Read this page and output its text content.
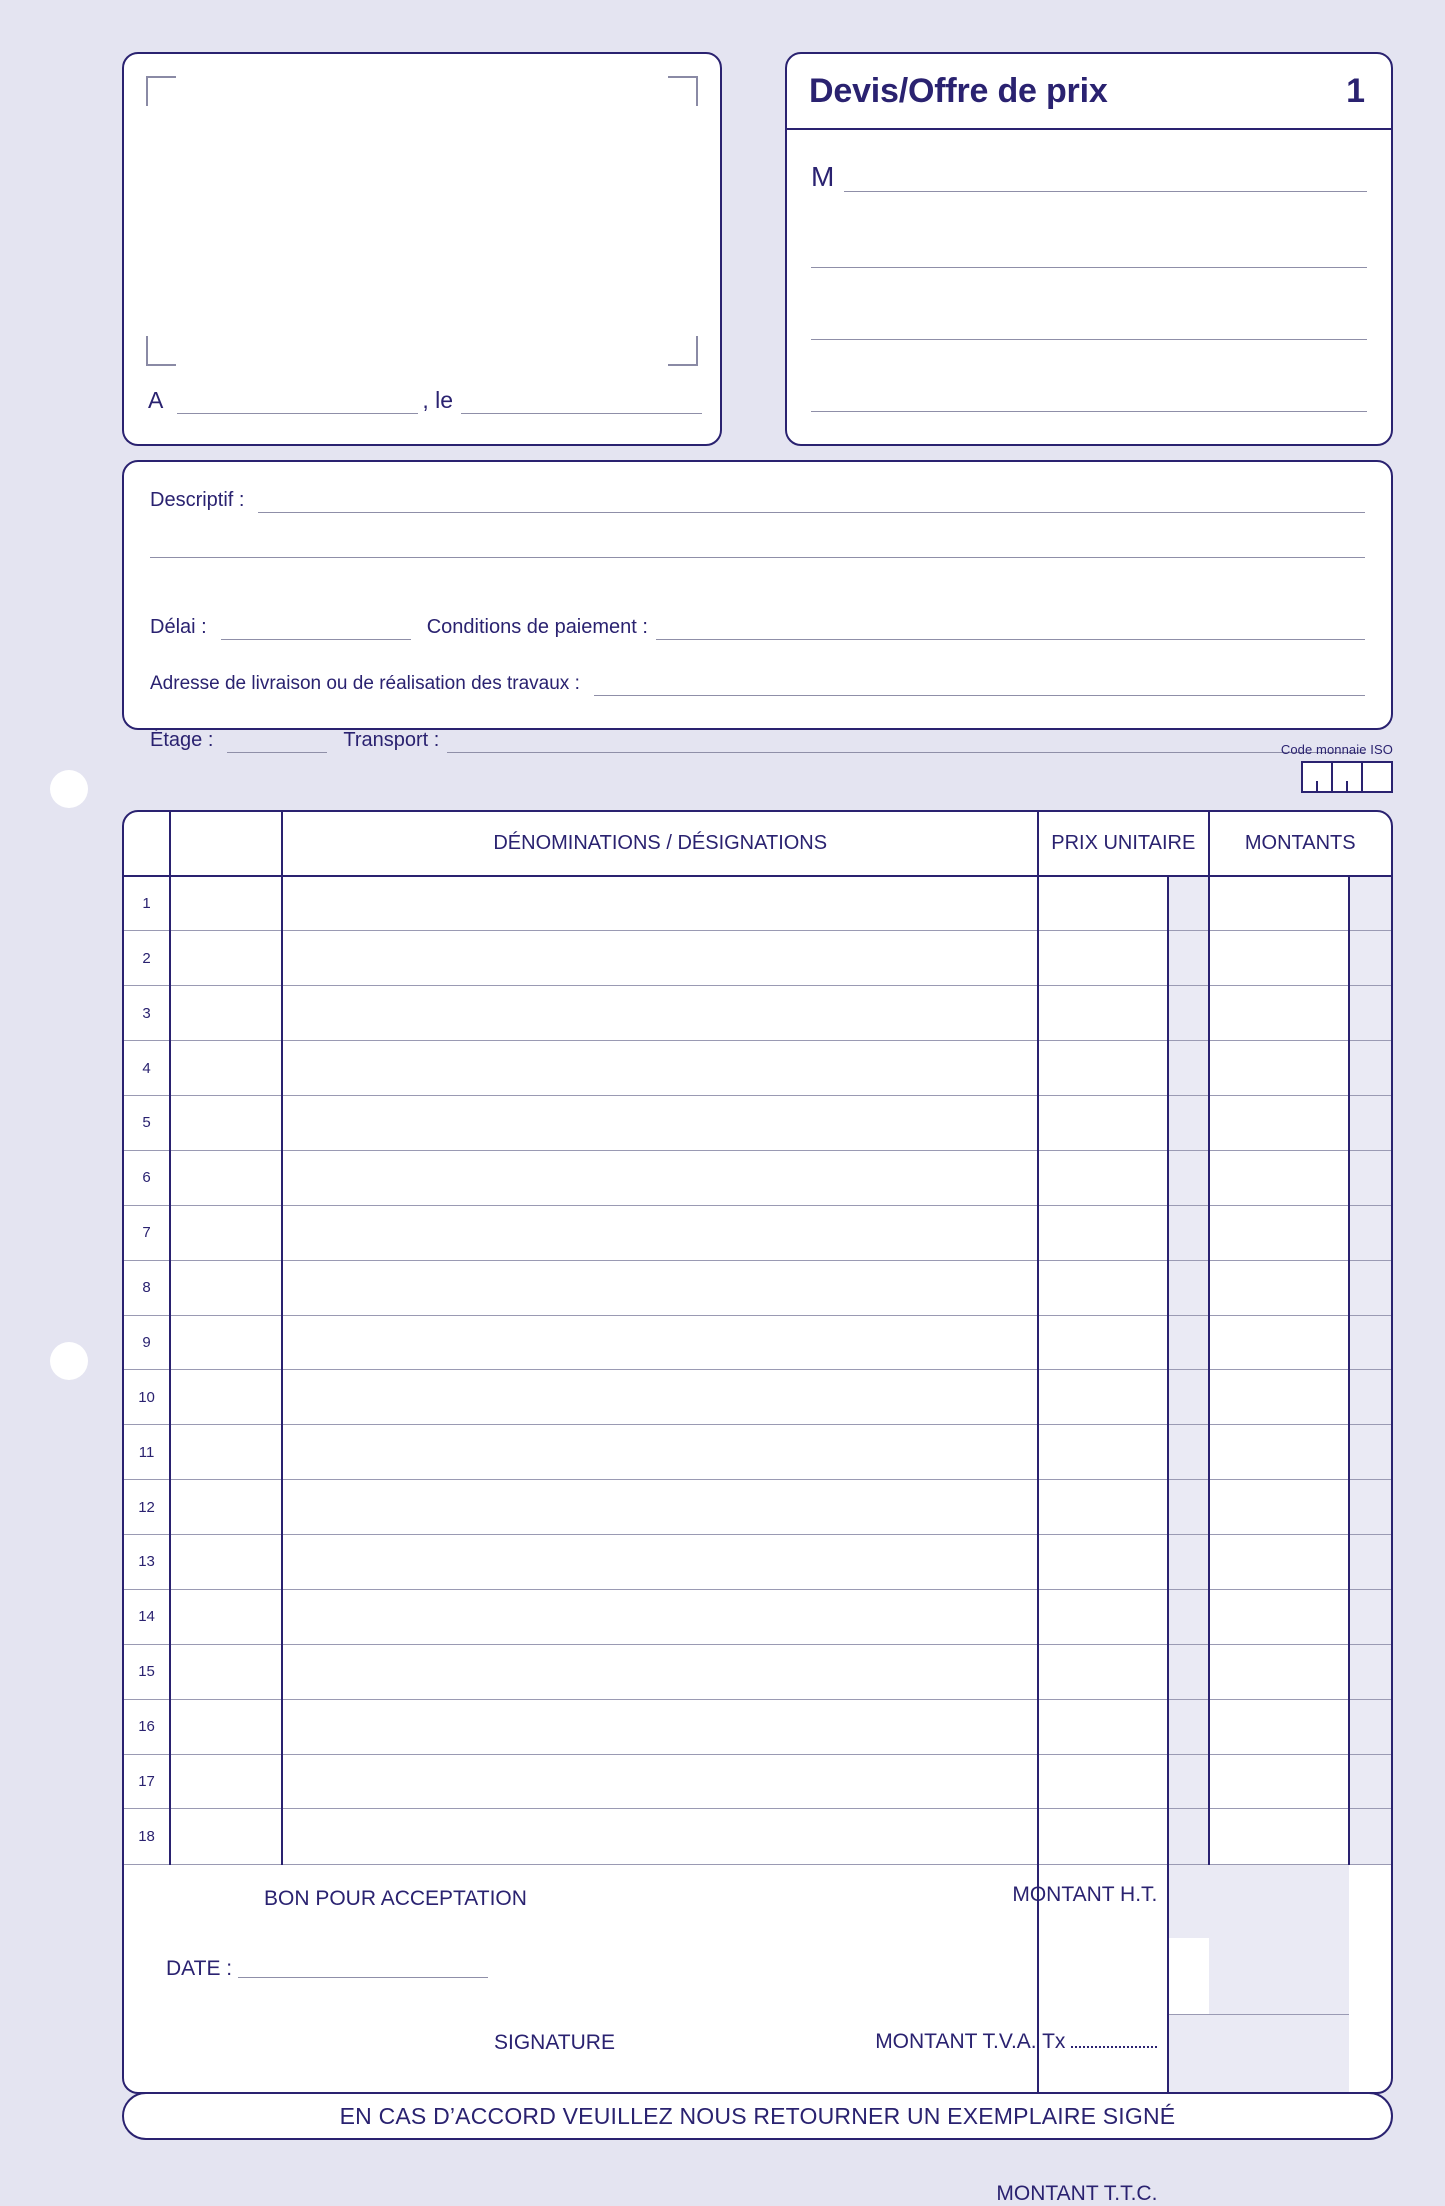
A	, le
Devis/Offre de prix	1
M
Descriptif :
Délai :	Conditions de paiement :
Adresse de livraison ou de réalisation des travaux :
Étage :	Transport :	Code monnaie ISO
		DÉNOMINATIONS / DÉSIGNATIONS	PRIX UNITAIRE		MONTANTS	
1						
2						
3						
4						
5						
6						
7						
8						
9						
10						
11						
12						
13						
14						
15						
16						
17						
18						

BON POUR ACCEPTATION
DATE :
SIGNATURE			MONTANT H.T.			

			MONTANT T.V.A. Tx			

MONTANT T.T.C.			

EN CAS D’ACCORD VEUILLEZ NOUS RETOURNER UN EXEMPLAIRE SIGNÉ
